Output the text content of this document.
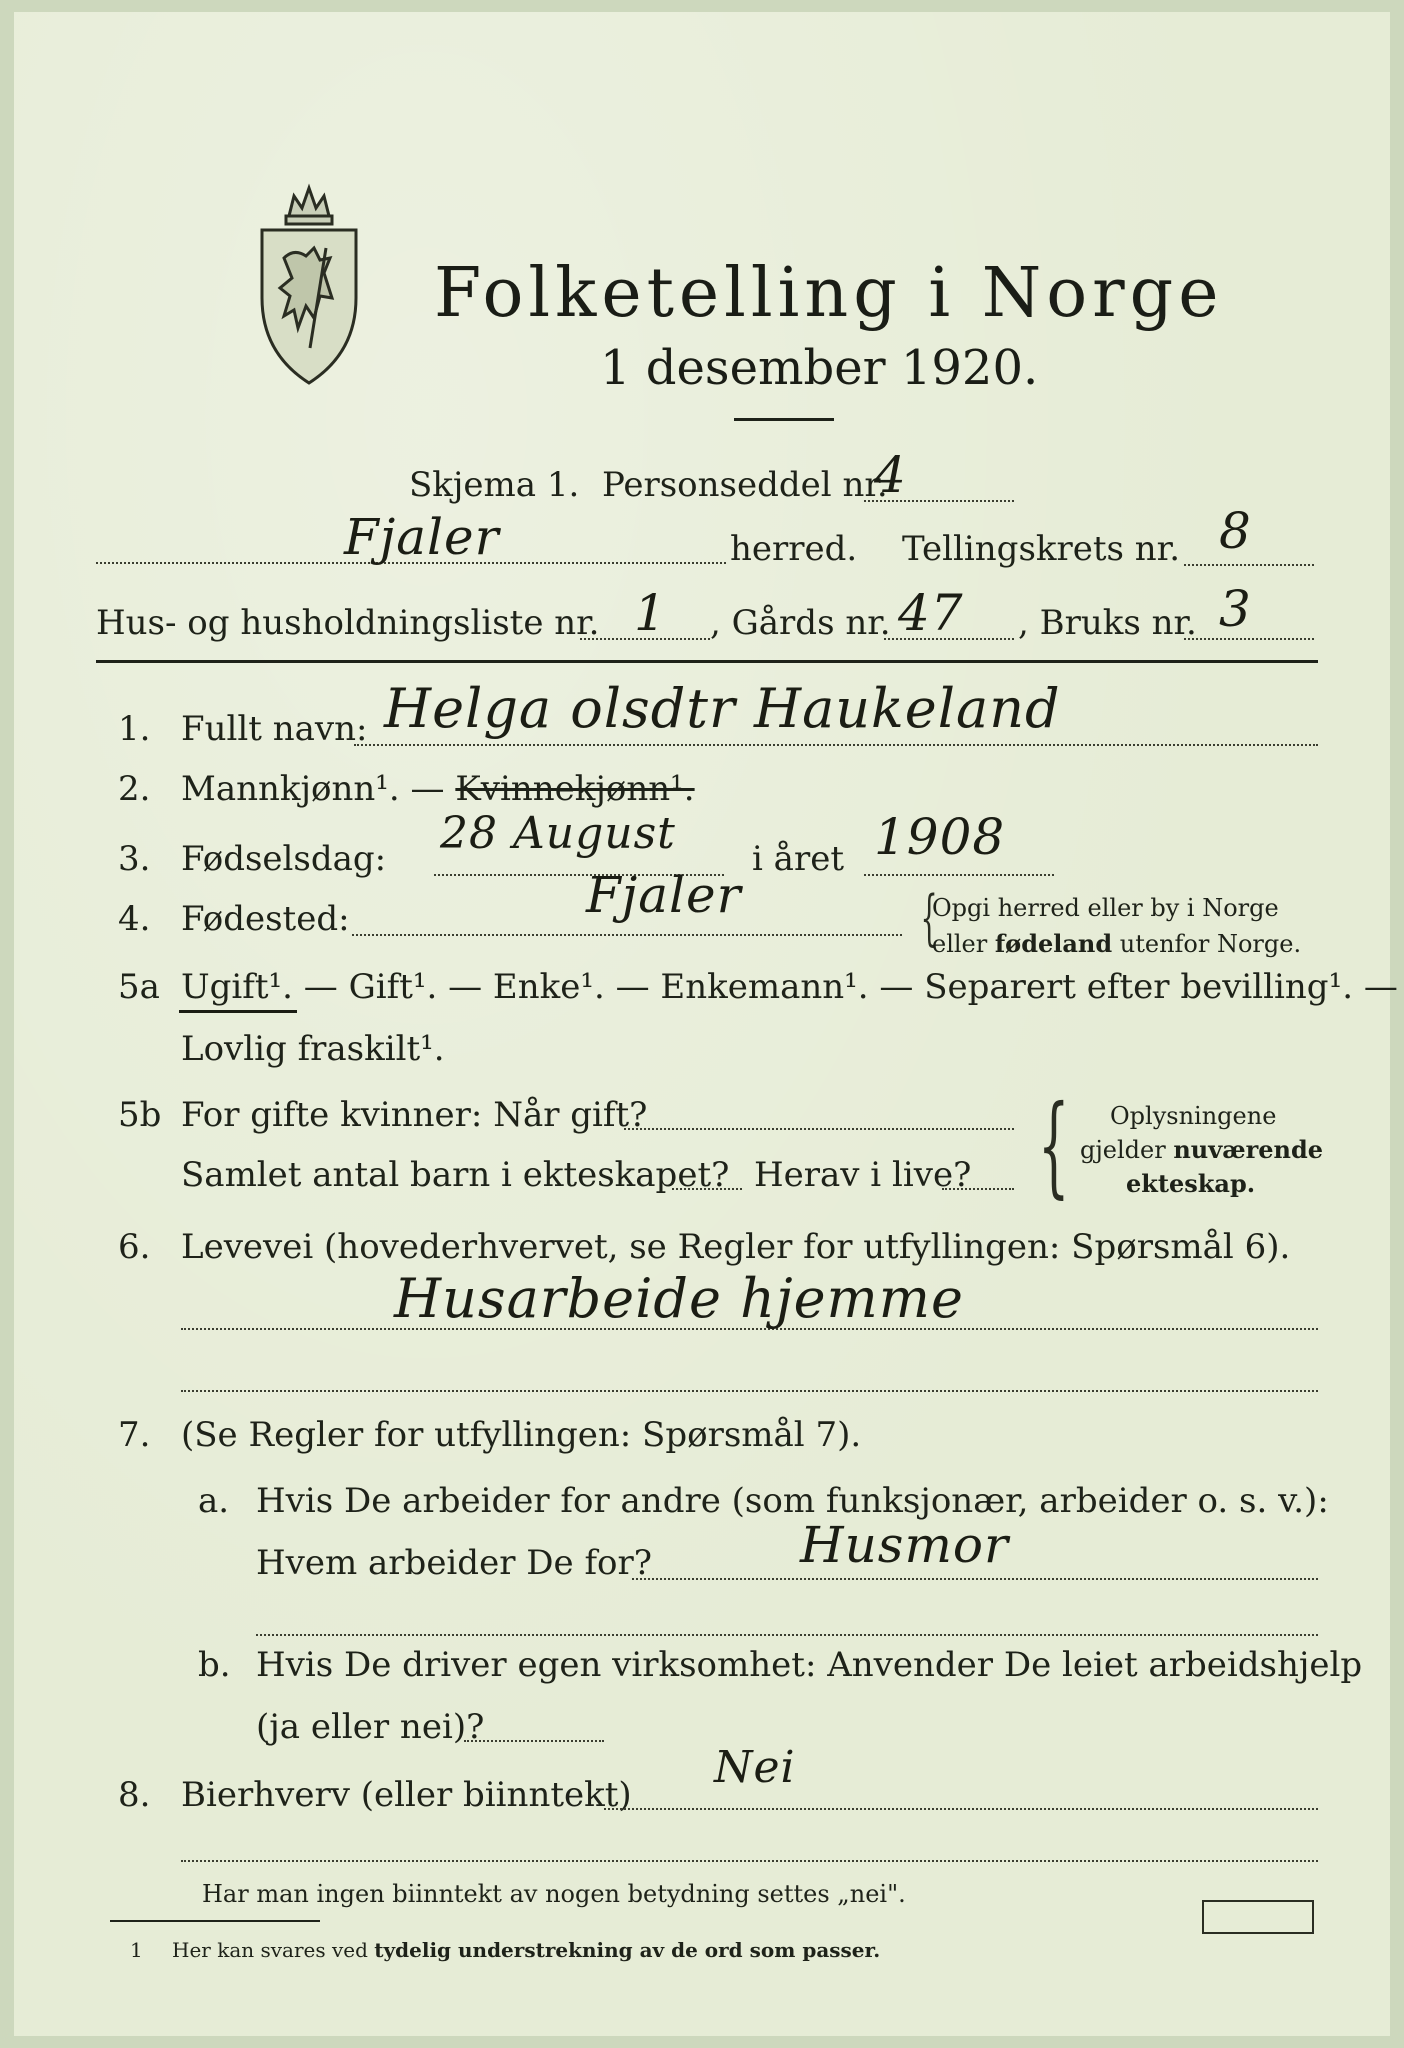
Folketelling i Norge
1 desember 1920.
Skjema 1. Personseddel nr.
4
Fjaler	herred. Tellingskrets nr. 8
Hus- og husholdningsliste nr. 1 , Gårds nr. 47 , Bruks nr. 3
1. Fullt navn: Helga olsdtr Haukeland
2. Mannkjønn¹. — Kvinnekjønn¹.
3. Fødselsdag: 28 August i året 1908
4. Fødested:	Fjaler	{
Opgi herred eller by i Norge
eller fødeland utenfor Norge.
5a Ugift¹. — Gift¹. — Enke¹. — Enkemann¹. — Separert efter bevilling¹. —
Lovlig fraskilt¹.
5b For gifte kvinner: Når gift?
Samlet antal barn i ekteskapet? Herav i live? { Oplysningene
gjelder nuværende
ekteskap.
6. Levevei (hovederhvervet, se Regler for utfyllingen: Spørsmål 6).
Husarbeide hjemme
7. (Se Regler for utfyllingen: Spørsmål 7).
a. Hvis De arbeider for andre (som funksjonær, arbeider o. s. v.):
Hvem arbeider De for?	Husmor
b. Hvis De driver egen virksomhet: Anvender De leiet arbeidshjelp
(ja eller nei)?
8. Bierhverv (eller biinntekt)
Nei
Har man ingen biinntekt av nogen betydning settes „nei".
1 Her kan svares ved tydelig understrekning av de ord som passer.
